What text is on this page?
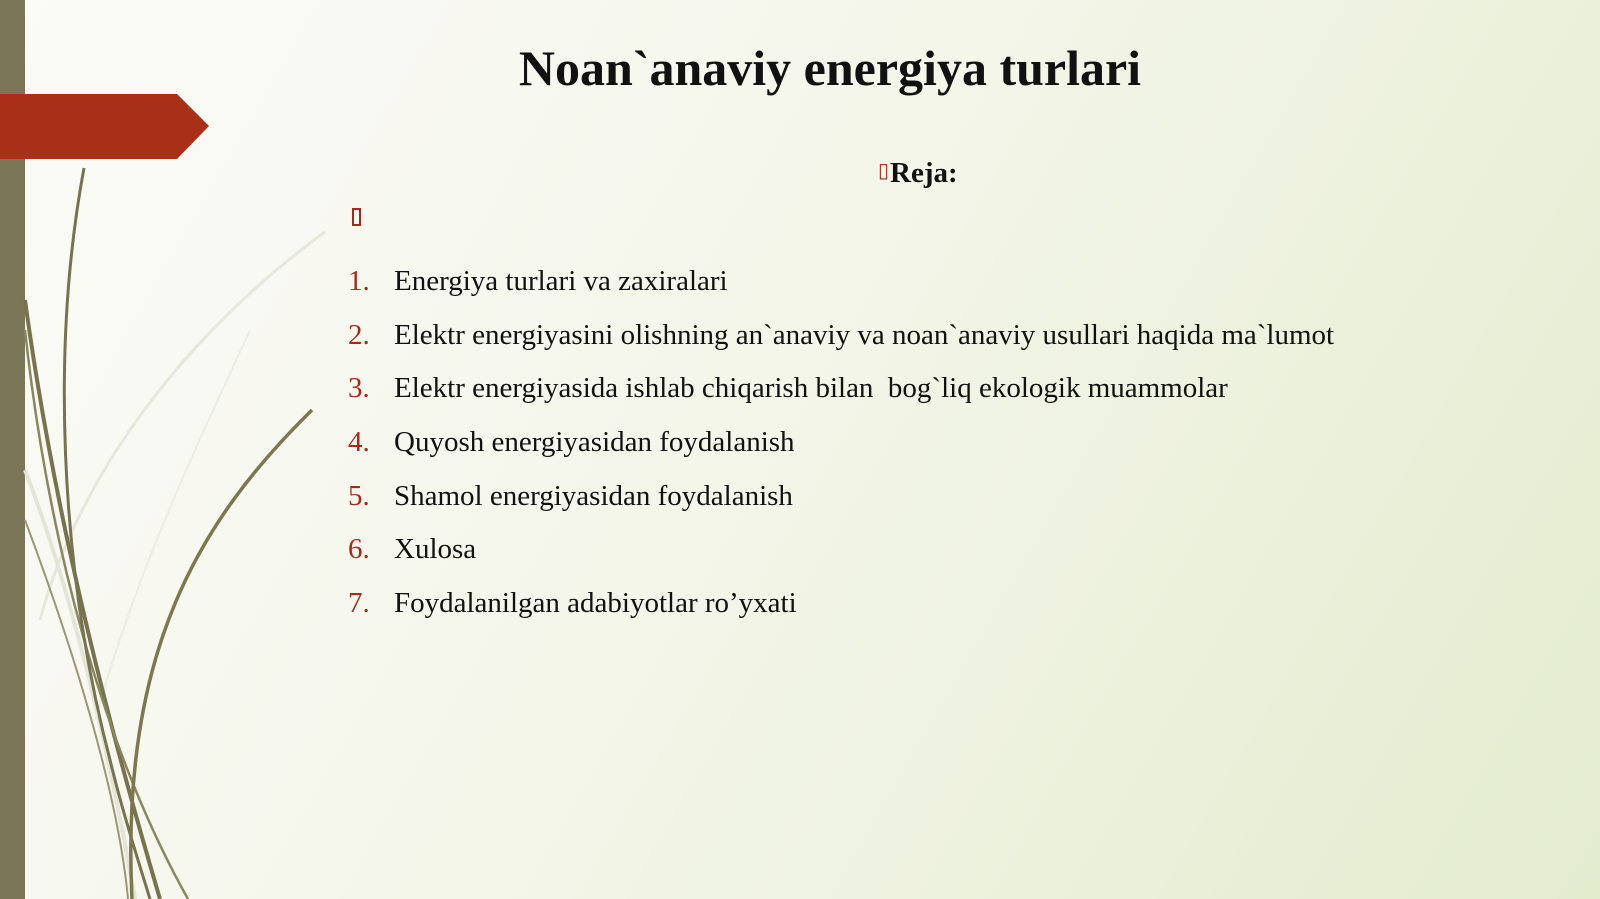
Noan`anaviy energiya turlari
▯Reja:
1. Energiya turlari va zaxiralari
2. Elektr energiyasini olishning an`anaviy va noan`anaviy usullari haqida ma`lumot
3. Elektr energiyasida ishlab chiqarish bilan  bog`liq ekologik muammolar
4. Quyosh energiyasidan foydalanish
5. Shamol energiyasidan foydalanish
6. Xulosa
7. Foydalanilgan adabiyotlar ro’yxati
